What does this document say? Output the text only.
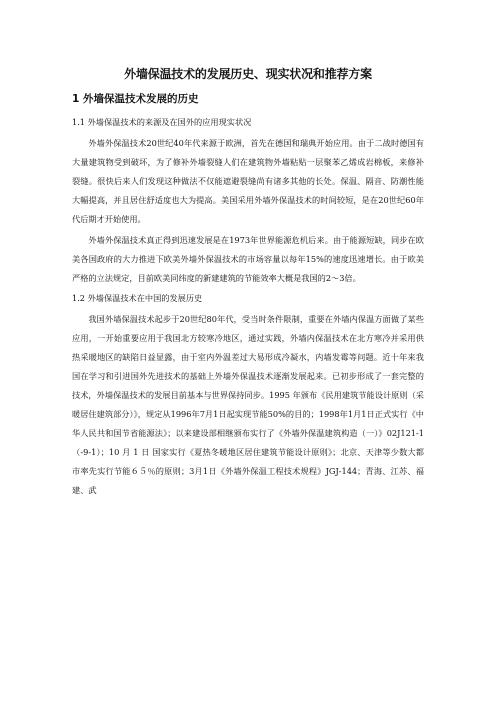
外墙保温技术的发展历史、现实状况和推荐方案
1 外墙保温技术发展的历史
1.1 外墙保温技术的来源及在国外的应用现实状况

外墙外保温技术20世纪40年代来源于欧洲，首先在德国和瑞典开始应用。由于二战时德国有大量建筑物受到破坏，为了修补外墙裂缝人们在建筑物外墙粘贴一层聚苯乙烯成岩棉板，来修补裂缝。很快后来人们发现这种做法不仅能遮避裂缝尚有诸多其他的长处。保温、隔音、防潮性能大幅提高，并且居住舒适度也大为提高。美国采用外墙外保温技术的时间较短，是在20世纪60年代后期才开始使用。

外墙外保温技术真正得到迅速发展是在1973年世界能源危机后来。由于能源短缺，同步在欧美各国政府的大力推进下欧美外墙外保温技术的市场容量以每年15%的速度迅速增长。由于欧美严格的立法规定，目前欧美同纬度的新建建筑的节能效率大概是我国的2～3倍。

1.2 外墙保温技术在中国的发展历史

我国外墙保温技术起步于20世纪80年代，受当时条件限制，重要在外墙内保温方面做了某些应用，一开始重要应用于我国北方较寒冷地区，通过实践，外墙内保温技术在北方寒冷并采用供热采暖地区的缺陷日益显露，由于室内外温差过大易形成冷凝水，内墙发霉等问题。近十年来我国在学习和引进国外先进技术的基础上外墙外保温技术逐渐发展起来。已初步形成了一套完整的技术，外墙保温技术的发展目前基本与世界保持同步。1995 年颁布《民用建筑节能设计原则（采暖居住建筑部分）》，规定从1996年7月1日起实现节能50%的目的；1998年1月1日正式实行《中华人民共和国节省能源法》；以来建设部相继颁布实行了《外墙外保温建筑构造（一）》02J121-1（-9-1）；10 月 1 日 国家实行《夏热冬暖地区居住建筑节能设计原则》；北京、天津等少数大都市率先实行节能６５％的原则；3月1日《外墙外保温工程技术规程》JGJ-144；青海、江苏、福建、武
